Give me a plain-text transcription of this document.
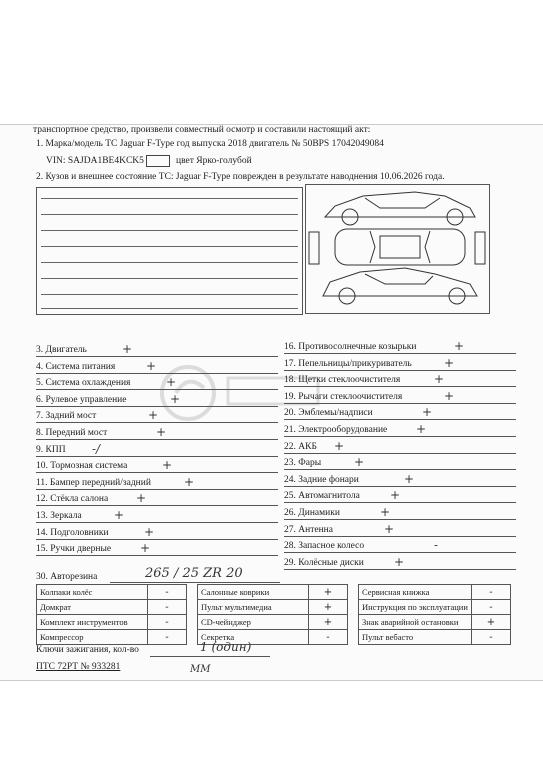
транспортное средство, произвели совместный осмотр и составили настоящий акт:
1. Марка/модель ТС Jaguar F-Type год выпуска 2018 двигатель № 50BPS 17042049084
VIN: SAJDA1BE4KCK5	цвет Ярко-голубой
2. Кузов и внешнее состояние ТС: Jaguar F-Type поврежден в результате наводнения 10.06.2026 года.
3. Двигатель	+
4. Система питания	+
5. Система охлаждения	+
6. Рулевое управление	+
7. Задний мост	+
8. Передний мост	+
9. КПП -/
10. Тормозная система	+
11. Бампер передний/задний	+
12. Стёкла салона +
13. Зеркала	+
14. Подголовники	+
15. Ручки дверные +
16. Противосолнечные козырьки	+
17. Пепельницы/прикуриватель	+
18. Щетки стеклоочистителя	+
19. Рычаги стеклоочистителя	+
20. Эмблемы/надписи	+
21. Электрооборудование +
22. АКБ +
23. Фары	+
24. Задние фонари	+
25. Автомагнитола	+
26. Динамики	+
27. Антенна	+
28. Запасное колесо	-
29. Колёсные диски	+
30. Авторезина	265 / 25 ZR 20
Колпаки колёс	-		Салонные коврики	+		Сервисная книжка	-
Домкрат	-		Пульт мультимедиа	+		Инструкция по эксплуатации	-
Комплект инструментов	-		CD-чейнджер	+		Знак аварийной остановки	+
Компрессор	-		Секретка	-		Пульт вебасто	-
Ключи зажигания, кол-во	1 (один)
ПТС 72РТ № 933281	ММ
